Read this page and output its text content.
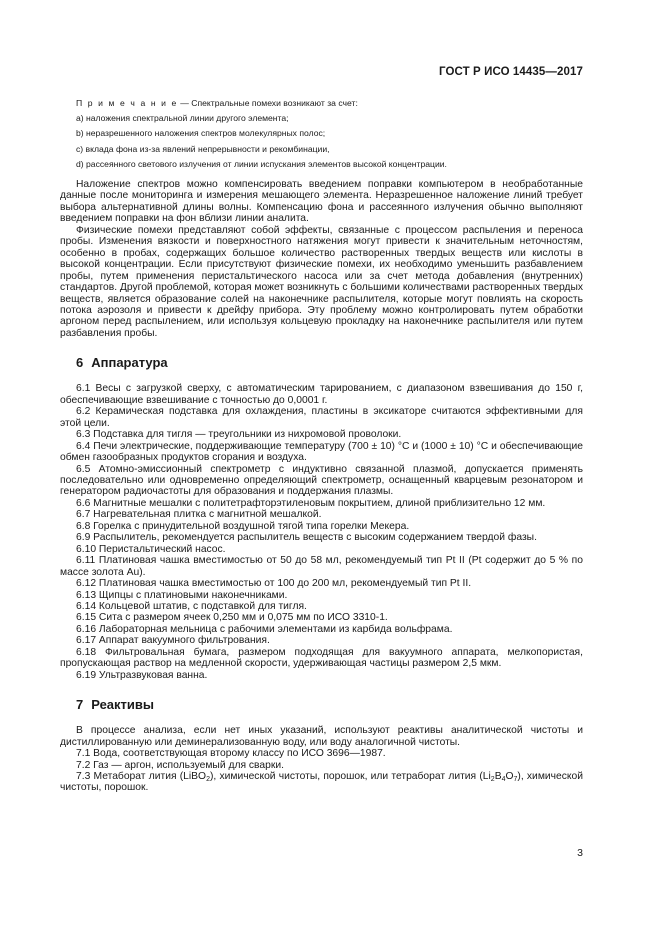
ГОСТ Р ИСО 14435—2017

П р и м е ч а н и е — Спектральные помехи возникают за счет:

a) наложения спектральной линии другого элемента;

b) неразрешенного наложения спектров молекулярных полос;

c) вклада фона из-за явлений непрерывности и рекомбинации,

d) рассеянного светового излучения от линии испускания элементов высокой концентрации.

Наложение спектров можно компенсировать введением поправки компьютером в необработанные данные после мониторинга и измерения мешающего элемента. Неразрешенное наложение линий требует выбора альтернативной длины волны. Компенсацию фона и рассеянного излучения обычно выполняют введением поправки на фон вблизи линии аналита.

Физические помехи представляют собой эффекты, связанные с процессом распыления и переноса пробы. Изменения вязкости и поверхностного натяжения могут привести к значительным неточностям, особенно в пробах, содержащих большое количество растворенных твердых веществ или кислоты в высокой концентрации. Если присутствуют физические помехи, их необходимо уменьшить разбавлением пробы, путем применения перистальтического насоса или за счет метода добавления (внутренних) стандартов. Другой проблемой, которая может возникнуть с большими количествами растворенных твердых веществ, является образование солей на наконечнике распылителя, которые могут повлиять на скорость потока аэрозоля и привести к дрейфу прибора. Эту проблему можно контролировать путем обработки аргоном перед распылением, или используя кольцевую прокладку на наконечнике распылителя или путем разбавления пробы.

6 Аппаратура

6.1 Весы с загрузкой сверху, с автоматическим тарированием, с диапазоном взвешивания до 150 г, обеспечивающие взвешивание с точностью до 0,0001 г.

6.2 Керамическая подставка для охлаждения, пластины в эксикаторе считаются эффективными для этой цели.

6.3 Подставка для тигля — треугольники из нихромовой проволоки.

6.4 Печи электрические, поддерживающие температуру (700 ± 10) °С и (1000 ± 10) °С и обеспечивающие обмен газообразных продуктов сгорания и воздуха.

6.5 Атомно-эмиссионный спектрометр с индуктивно связанной плазмой, допускается применять последовательно или одновременно определяющий спектрометр, оснащенный кварцевым резонатором и генератором радиочастоты для образования и поддержания плазмы.

6.6 Магнитные мешалки с политетрафторэтиленовым покрытием, длиной приблизительно 12 мм.

6.7 Нагревательная плитка с магнитной мешалкой.

6.8 Горелка с принудительной воздушной тягой типа горелки Мекера.

6.9 Распылитель, рекомендуется распылитель веществ с высоким содержанием твердой фазы.

6.10 Перистальтический насос.

6.11 Платиновая чашка вместимостью от 50 до 58 мл, рекомендуемый тип Pt II (Pt содержит до 5 % по массе золота Au).

6.12 Платиновая чашка вместимостью от 100 до 200 мл, рекомендуемый тип Pt II.

6.13 Щипцы с платиновыми наконечниками.

6.14 Кольцевой штатив, с подставкой для тигля.

6.15 Сита с размером ячеек 0,250 мм и 0,075 мм по ИСО 3310-1.

6.16 Лабораторная мельница с рабочими элементами из карбида вольфрама.

6.17 Аппарат вакуумного фильтрования.

6.18 Фильтровальная бумага, размером подходящая для вакуумного аппарата, мелкопористая, пропускающая раствор на медленной скорости, удерживающая частицы размером 2,5 мкм.

6.19 Ультразвуковая ванна.

7 Реактивы

В процессе анализа, если нет иных указаний, используют реактивы аналитической чистоты и дистиллированную или деминерализованную воду, или воду аналогичной чистоты.

7.1 Вода, соответствующая второму классу по ИСО 3696—1987.

7.2 Газ — аргон, используемый для сварки.

7.3 Метаборат лития (LiBO$_2$), химической чистоты, порошок, или тетраборат лития $(Li_2B_4O_7)$, химической чистоты, порошок.

3
